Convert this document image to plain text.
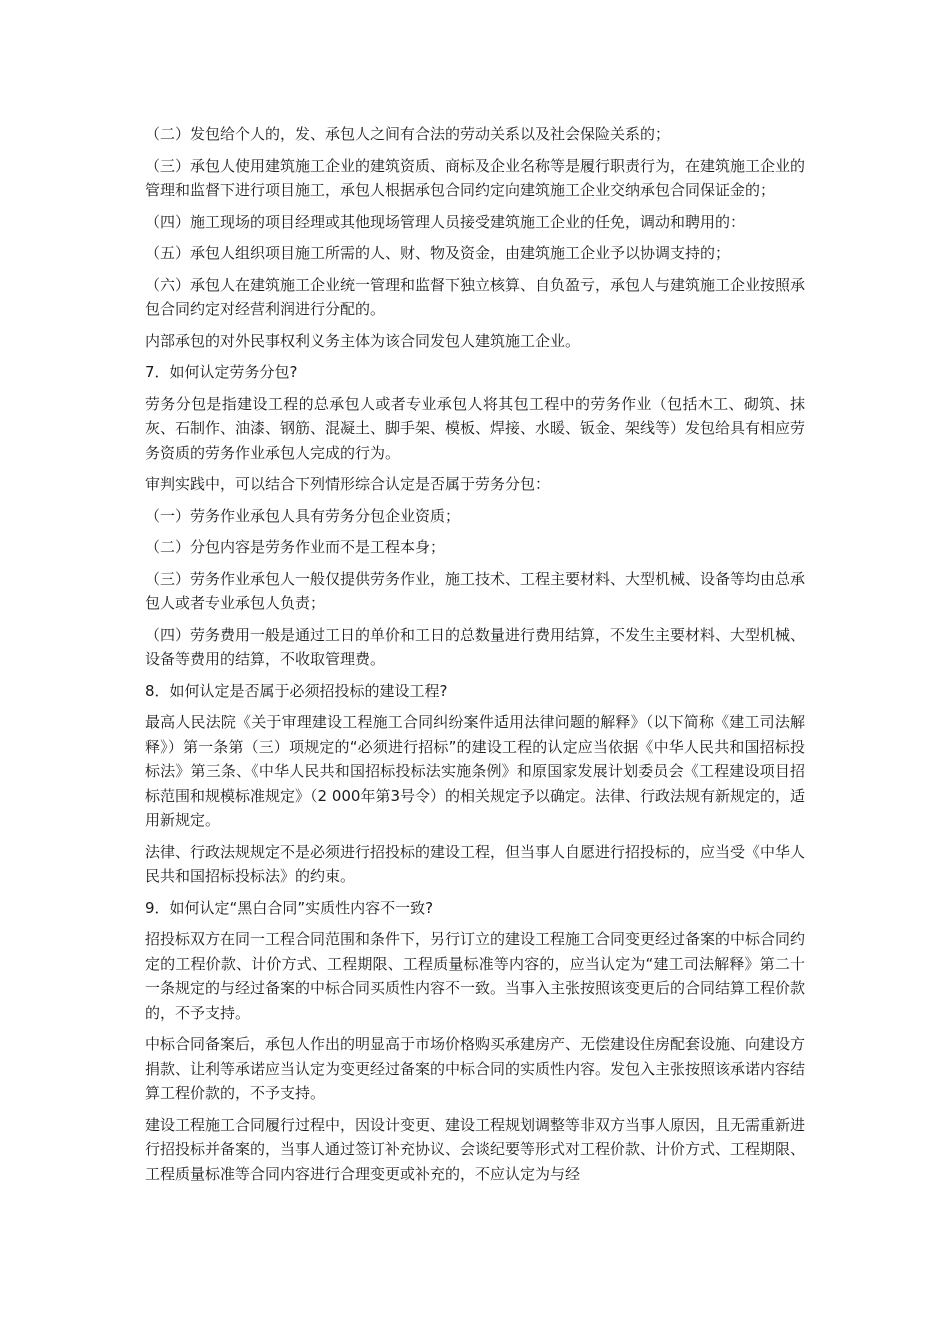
（二）发包给个人的，发、承包人之间有合法的劳动关系以及社会保险关系的；

（三）承包人使用建筑施工企业的建筑资质、商标及企业名称等是履行职责行为，在建筑施工企业的管理和监督下进行项目施工，承包人根据承包合同约定向建筑施工企业交纳承包合同保证金的；

（四）施工现场的项目经理或其他现场管理人员接受建筑施工企业的任免，调动和聘用的：

（五）承包人组织项目施工所需的人、财、物及资金，由建筑施工企业予以协调支持的；

（六）承包人在建筑施工企业统一管理和监督下独立核算、自负盈亏，承包人与建筑施工企业按照承包合同约定对经营利润进行分配的。

内部承包的对外民事权利义务主体为该合同发包人建筑施工企业。

7．如何认定劳务分包?

劳务分包是指建设工程的总承包人或者专业承包人将其包工程中的劳务作业（包括木工、砌筑、抹灰、石制作、油漆、钢筋、混凝土、脚手架、模板、焊接、水暖、钣金、架线等）发包给具有相应劳务资质的劳务作业承包人完成的行为。

审判实践中，可以结合下列情形综合认定是否属于劳务分包：

（一）劳务作业承包人具有劳务分包企业资质；

（二）分包内容是劳务作业而不是工程本身；

（三）劳务作业承包人一般仅提供劳务作业，施工技术、工程主要材料、大型机械、设备等均由总承包人或者专业承包人负责；

（四）劳务费用一般是通过工日的单价和工日的总数量进行费用结算，不发生主要材料、大型机械、设备等费用的结算，不收取管理费。

8．如何认定是否属于必须招投标的建设工程?

最高人民法院《关于审理建设工程施工合同纠纷案件适用法律问题的解释》（以下简称《建工司法解释》）第一条第（三）项规定的“必须进行招标”的建设工程的认定应当依据《中华人民共和国招标投标法》第三条、《中华人民共和国招标投标法实施条例》和原国家发展计划委员会《工程建设项目招标范围和规模标准规定》（2 000年第3号令）的相关规定予以确定。法律、行政法规有新规定的，适用新规定。

法律、行政法规规定不是必须进行招投标的建设工程，但当事人自愿进行招投标的，应当受《中华人民共和国招标投标法》的约束。

9．如何认定“黑白合同”实质性内容不一致?

招投标双方在同一工程合同范围和条件下，另行订立的建设工程施工合同变更经过备案的中标合同约定的工程价款、计价方式、工程期限、工程质量标准等内容的，应当认定为“建工司法解释》第二十一条规定的与经过备案的中标合同买质性内容不一致。当事入主张按照该变更后的合同结算工程价款的，不予支持。

中标合同备案后，承包人作出的明显高于市场价格购买承建房产、无偿建设住房配套设施、向建设方捐款、让利等承诺应当认定为变更经过备案的中标合同的实质性内容。发包入主张按照该承诺内容结算工程价款的，不予支持。

建设工程施工合同履行过程中，因设计变更、建设工程规划调整等非双方当事人原因，且无需重新进行招投标并备案的，当事人通过签订补充协议、会谈纪要等形式对工程价款、计价方式、工程期限、工程质量标准等合同内容进行合理变更或补充的，不应认定为与经
